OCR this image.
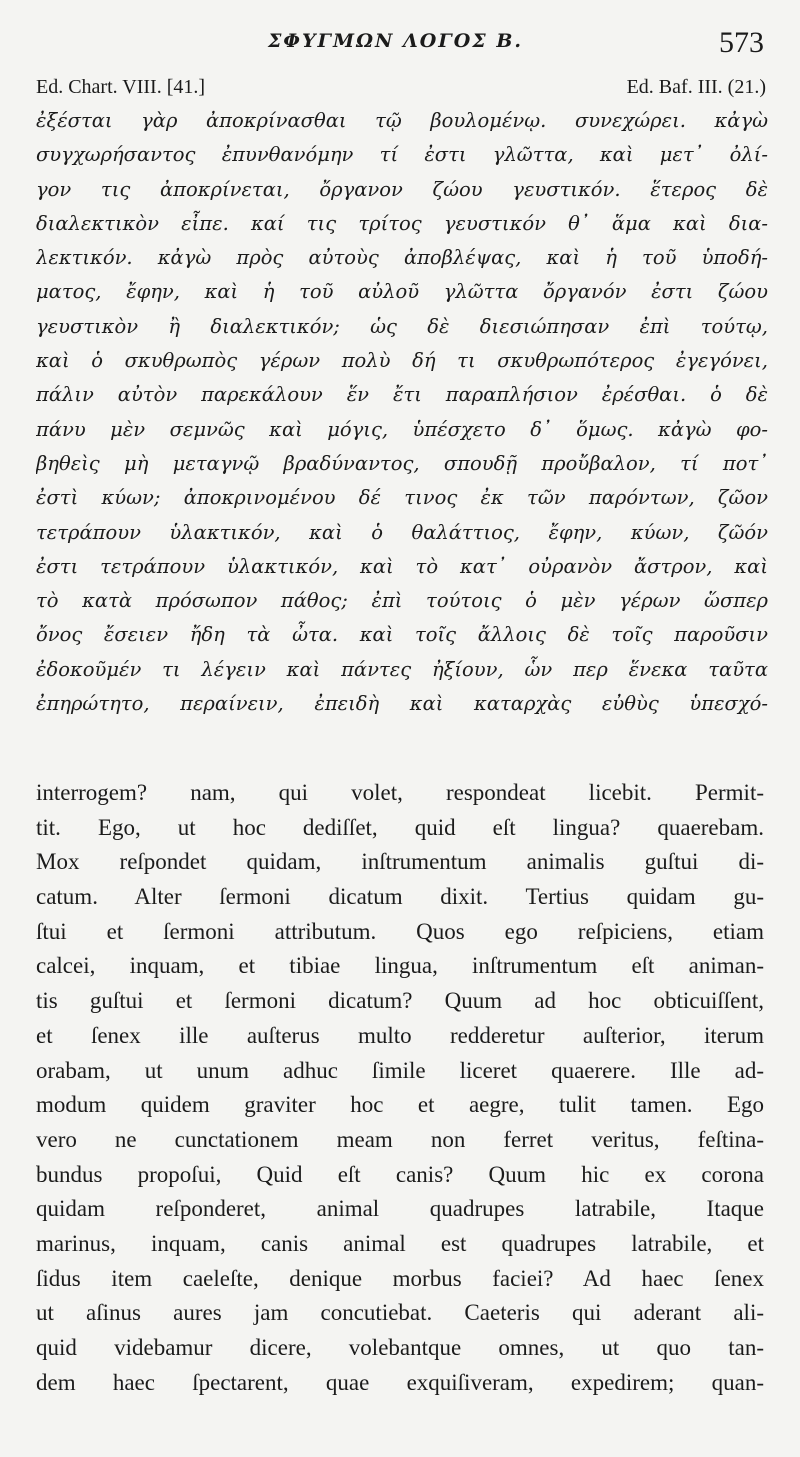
ΣΦΥΓΜΩΝ ΛΟΓΟΣ Β.	573
Ed. Chart. VIII. [41.]	Ed. Baf. III. (21.)
ἐξέσται γὰρ ἀποκρίνασθαι τῷ βουλομένῳ. συνεχώρει. κἀγὼ
συγχωρήσαντος ἐπυνθανόμην τί ἐστι γλῶττα, καὶ μετ᾽ ὀλί-
γον τις ἀποκρίνεται, ὄργανον ζώου γευστικόν. ἕτερος δὲ
διαλεκτικὸν εἶπε. καί τις τρίτος γευστικόν θ᾽ ἅμα καὶ δια-
λεκτικόν. κἀγὼ πρὸς αὐτοὺς ἀποβλέψας, καὶ ἡ τοῦ ὑποδή-
ματος, ἔφην, καὶ ἡ τοῦ αὐλοῦ γλῶττα ὄργανόν ἐστι ζώου
γευστικὸν ἢ διαλεκτικόν; ὡς δὲ διεσιώπησαν ἐπὶ τούτῳ,
καὶ ὁ σκυθρωπὸς γέρων πολὺ δή τι σκυθρωπότερος ἐγεγόνει,
πάλιν αὐτὸν παρεκάλουν ἕν ἔτι παραπλήσιον ἐρέσθαι. ὁ δὲ
πάνυ μὲν σεμνῶς καὶ μόγις, ὑπέσχετο δ᾽ ὅμως. κἀγὼ φο-
βηθεὶς μὴ μεταγνῷ βραδύναντος, σπουδῇ προὔβαλον, τί ποτ᾽
ἐστὶ κύων; ἀποκρινομένου δέ τινος ἐκ τῶν παρόντων, ζῶον
τετράπουν ὑλακτικόν, καὶ ὁ θαλάττιος, ἔφην, κύων, ζῶόν
ἐστι τετράπουν ὑλακτικόν, καὶ τὸ κατ᾽ οὐρανὸν ἄστρον, καὶ
τὸ κατὰ πρόσωπον πάθος; ἐπὶ τούτοις ὁ μὲν γέρων ὥσπερ
ὄνος ἔσειεν ἤδη τὰ ὦτα. καὶ τοῖς ἄλλοις δὲ τοῖς παροῦσιν
ἐδοκοῦμέν τι λέγειν καὶ πάντες ἠξίουν, ὧν περ ἕνεκα ταῦτα
ἐπηρώτητο, περαίνειν, ἐπειδὴ καὶ καταρχὰς εὐθὺς ὑπεσχό-
interrogem? nam, qui volet, respondeat licebit. Permit-
tit. Ego, ut hoc dediſſet, quid eſt lingua? quaerebam.
Mox reſpondet quidam, inſtrumentum animalis guſtui di-
catum. Alter ſermoni dicatum dixit. Tertius quidam gu-
ſtui et ſermoni attributum. Quos ego reſpiciens, etiam
calcei, inquam, et tibiae lingua, inſtrumentum eſt animan-
tis guſtui et ſermoni dicatum? Quum ad hoc obticuiſſent,
et ſenex ille auſterus multo redderetur auſterior, iterum
orabam, ut unum adhuc ſimile liceret quaerere. Ille ad-
modum quidem graviter hoc et aegre, tulit tamen. Ego
vero ne cunctationem meam non ferret veritus, feſtina-
bundus propoſui, Quid eſt canis? Quum hic ex corona
quidam reſponderet, animal quadrupes latrabile, Itaque
marinus, inquam, canis animal est quadrupes latrabile, et
ſidus item caeleſte, denique morbus faciei? Ad haec ſenex
ut aſinus aures jam concutiebat. Caeteris qui aderant ali-
quid videbamur dicere, volebantque omnes, ut quo tan-
dem haec ſpectarent, quae exquiſiveram, expedirem; quan-
